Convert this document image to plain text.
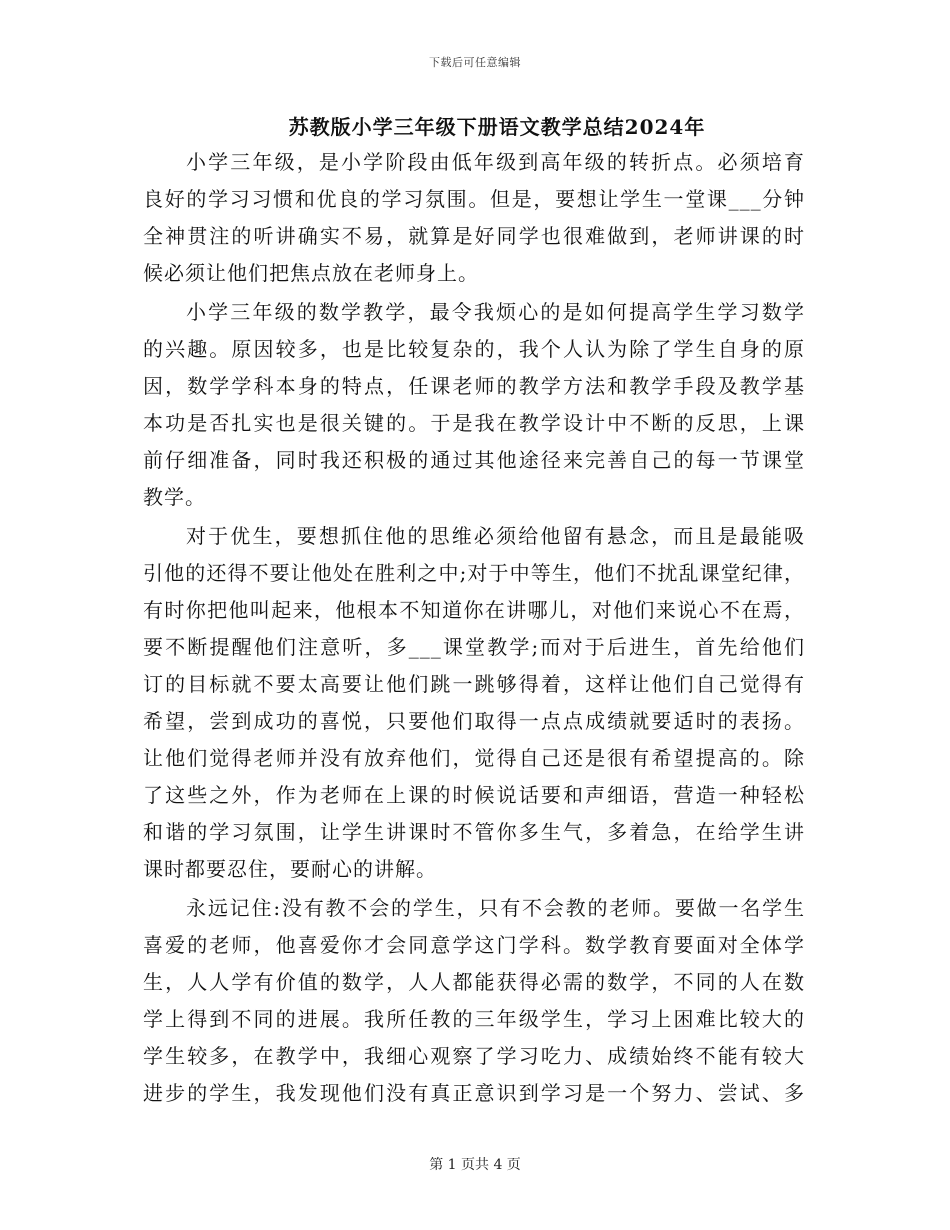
下载后可任意编辑
苏教版小学三年级下册语文教学总结2024年
小学三年级，是小学阶段由低年级到高年级的转折点。必须培育
良好的学习习惯和优良的学习氛围。但是，要想让学生一堂课___分钟
全神贯注的听讲确实不易，就算是好同学也很难做到，老师讲课的时
候必须让他们把焦点放在老师身上。
小学三年级的数学教学，最令我烦心的是如何提高学生学习数学
的兴趣。原因较多，也是比较复杂的，我个人认为除了学生自身的原
因，数学学科本身的特点，任课老师的教学方法和教学手段及教学基
本功是否扎实也是很关键的。于是我在教学设计中不断的反思，上课
前仔细准备，同时我还积极的通过其他途径来完善自己的每一节课堂
教学。
对于优生，要想抓住他的思维必须给他留有悬念，而且是最能吸
引他的还得不要让他处在胜利之中;对于中等生，他们不扰乱课堂纪律，
有时你把他叫起来，他根本不知道你在讲哪儿，对他们来说心不在焉，
要不断提醒他们注意听，多___课堂教学;而对于后进生，首先给他们
订的目标就不要太高要让他们跳一跳够得着，这样让他们自己觉得有
希望，尝到成功的喜悦，只要他们取得一点点成绩就要适时的表扬。
让他们觉得老师并没有放弃他们，觉得自己还是很有希望提高的。除
了这些之外，作为老师在上课的时候说话要和声细语，营造一种轻松
和谐的学习氛围，让学生讲课时不管你多生气，多着急，在给学生讲
课时都要忍住，要耐心的讲解。
永远记住:没有教不会的学生，只有不会教的老师。要做一名学生
喜爱的老师，他喜爱你才会同意学这门学科。数学教育要面对全体学
生，人人学有价值的数学，人人都能获得必需的数学，不同的人在数
学上得到不同的进展。我所任教的三年级学生，学习上困难比较大的
学生较多，在教学中，我细心观察了学习吃力、成绩始终不能有较大
进步的学生，我发现他们没有真正意识到学习是一个努力、尝试、多
第 1 页共 4 页
